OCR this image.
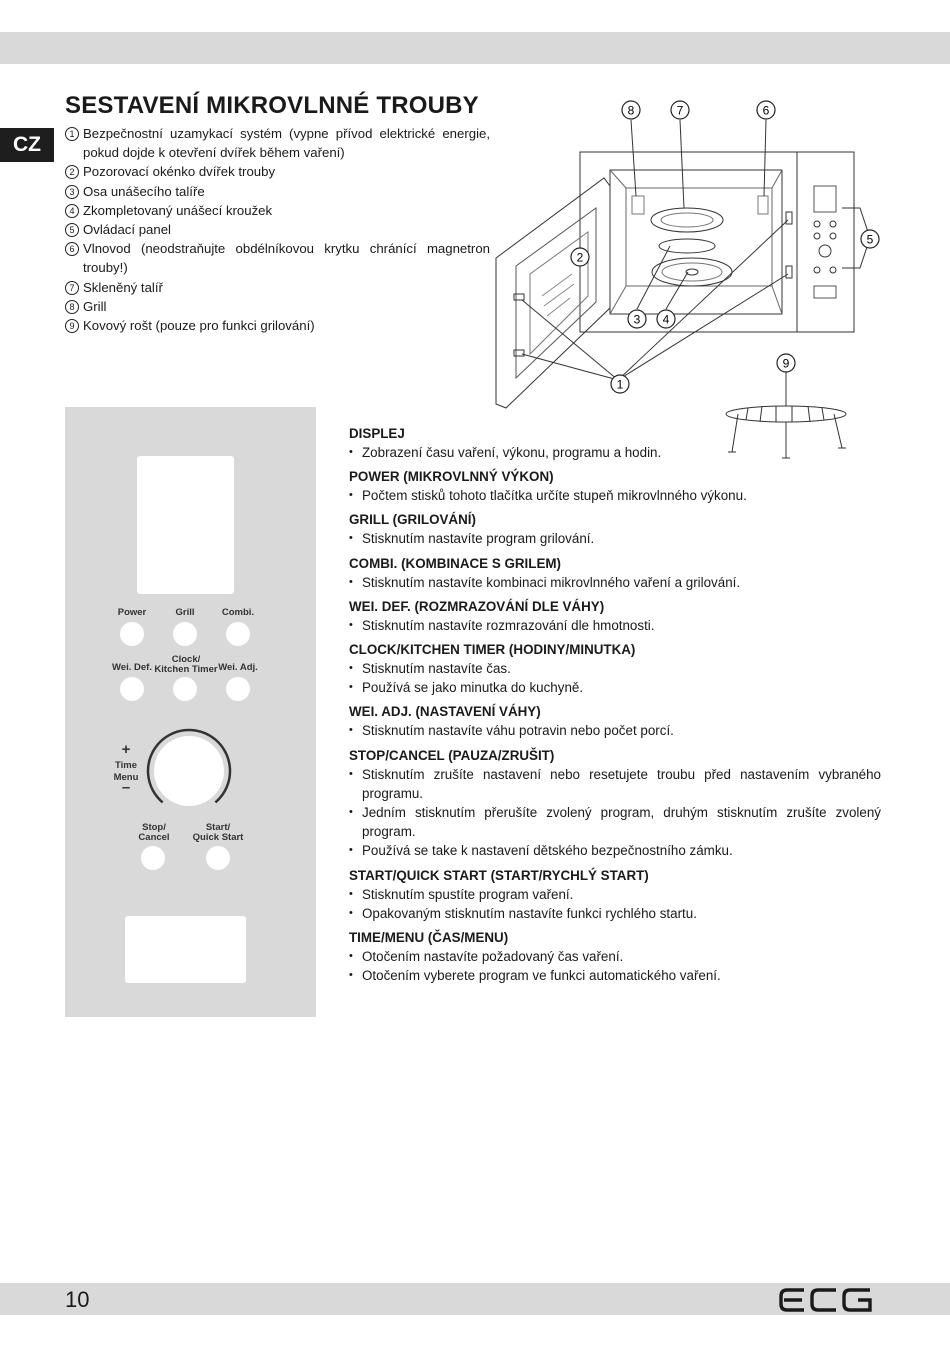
CZ
SESTAVENÍ MIKROVLNNÉ TROUBY
1 Bezpečnostní uzamykací systém (vypne přívod elektrické energie, pokud dojde k otevření dvířek během vaření)
2 Pozorovací okénko dvířek trouby
3 Osa unášecího talíře
4 Zkompletovaný unášecí kroužek
5 Ovládací panel
6 Vlnovod (neodstraňujte obdélníkovou krytku chránící magnetron trouby!)
7 Skleněný talíř
8 Grill
9 Kovový rošt (pouze pro funkci grilování)
8	7	6
5
2
3 4
1
9
Power	Grill	Combi.
Wei. Def.
Clock/
Kitchen Timer Wei. Adj.
+
Time
Menu
–
Stop/
Cancel
Start/
Quick Start
DISPLEJ
• Zobrazení času vaření, výkonu, programu a hodin.
POWER (MIKROVLNNÝ VÝKON)
• Počtem stisků tohoto tlačítka určíte stupeň mikrovlnného výkonu.
GRILL (GRILOVÁNÍ)
• Stisknutím nastavíte program grilování.
COMBI. (KOMBINACE S GRILEM)
• Stisknutím nastavíte kombinaci mikrovlnného vaření a grilování.
WEI. DEF. (ROZMRAZOVÁNÍ DLE VÁHY)
• Stisknutím nastavíte rozmrazování dle hmotnosti.
CLOCK/KITCHEN TIMER (HODINY/MINUTKA)
• Stisknutím nastavíte čas.
• Používá se jako minutka do kuchyně.
WEI. ADJ. (NASTAVENÍ VÁHY)
• Stisknutím nastavíte váhu potravin nebo počet porcí.
STOP/CANCEL (PAUZA/ZRUŠIT)
• Stisknutím zrušíte nastavení nebo resetujete troubu před nastavením vybraného programu.
• Jedním stisknutím přerušíte zvolený program, druhým stisknutím zrušíte zvolený program.
• Používá se take k nastavení dětského bezpečnostního zámku.
START/QUICK START (START/RYCHLÝ START)
• Stisknutím spustíte program vaření.
• Opakovaným stisknutím nastavíte funkci rychlého startu.
TIME/MENU (ČAS/MENU)
• Otočením nastavíte požadovaný čas vaření.
• Otočením vyberete program ve funkci automatického vaření.
10
